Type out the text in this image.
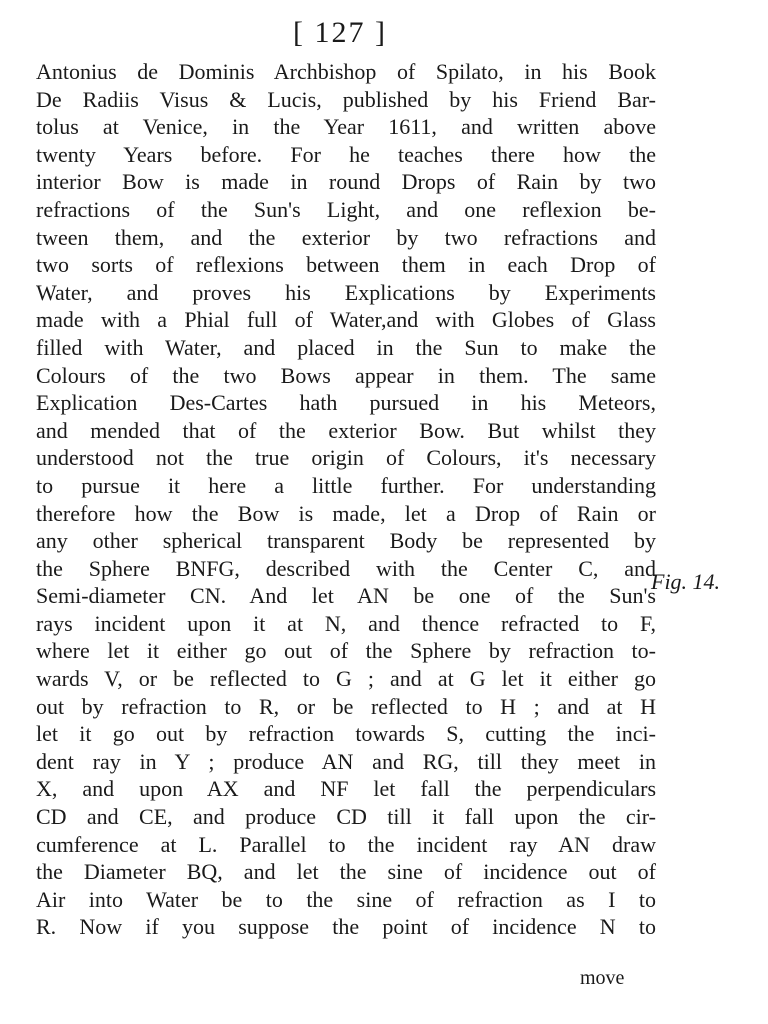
[ 127 ]
Antonius de Dominis Archbishop of Spilato, in his Book
De Radiis Visus & Lucis, published by his Friend Bar-
tolus at Venice, in the Year 1611, and written above
twenty Years before. For he teaches there how the
interior Bow is made in round Drops of Rain by two
refractions of the Sun's Light, and one reflexion be-
tween them, and the exterior by two refractions and
two sorts of reflexions between them in each Drop of
Water, and proves his Explications by Experiments
made with a Phial full of Water,and with Globes of Glass
filled with Water, and placed in the Sun to make the
Colours of the two Bows appear in them. The same
Explication Des-Cartes hath pursued in his Meteors,
and mended that of the exterior Bow. But whilst they
understood not the true origin of Colours, it's necessary
to pursue it here a little further. For understanding
therefore how the Bow is made, let a Drop of Rain or
any other spherical transparent Body be represented by
the Sphere BNFG, described with the Center C, and
Semi-diameter CN. And let AN be one of the Sun's
rays incident upon it at N, and thence refracted to F,
where let it either go out of the Sphere by refraction to-
wards V, or be reflected to G ; and at G let it either go
out by refraction to R, or be reflected to H ; and at H
let it go out by refraction towards S, cutting the inci-
dent ray in Y ; produce AN and RG, till they meet in
X, and upon AX and NF let fall the perpendiculars
CD and CE, and produce CD till it fall upon the cir-
cumference at L. Parallel to the incident ray AN draw
the Diameter BQ, and let the sine of incidence out of
Air into Water be to the sine of refraction as I to
R. Now if you suppose the point of incidence N to
Fig. 14.
move
